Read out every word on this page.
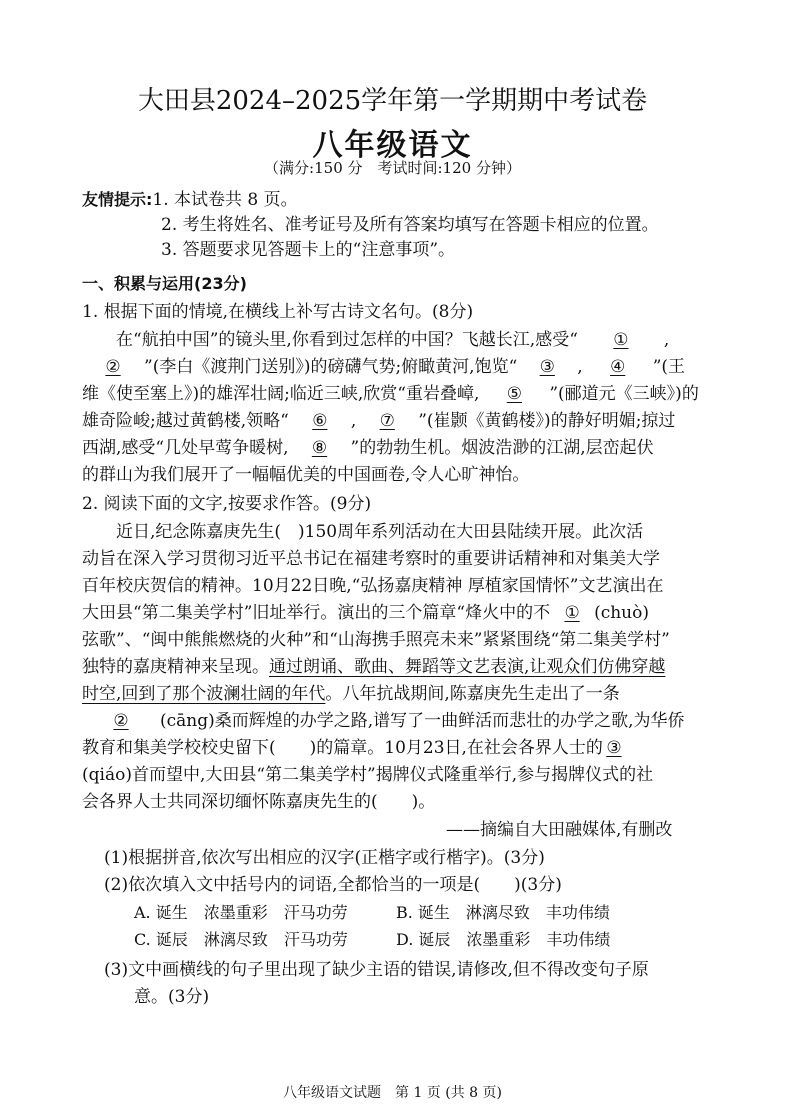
大田县2024–2025学年第一学期期中考试卷
八年级语文
（满分:150 分　考试时间:120 分钟）
友情提示:1. 本试卷共 8 页。
2. 考生将姓名、准考证号及所有答案均填写在答题卡相应的位置。
3. 答题要求见答题卡上的“注意事项”。
一、积累与运用(23分)
1. 根据下面的情境,在横线上补写古诗文名句。(8分)
在“航拍中国”的镜头里,你看到过怎样的中国？飞越长江,感受“ ① ,
② ”(李白《渡荆门送别》)的磅礴气势;俯瞰黄河,饱览“ ③ , ④ ”(王
维《使至塞上》)的雄浑壮阔;临近三峡,欣赏“重岩叠嶂, ⑤ ”(郦道元《三峡》)的
雄奇险峻;越过黄鹤楼,领略“ ⑥ , ⑦ ”(崔颢《黄鹤楼》)的静好明媚;掠过
西湖,感受“几处早莺争暖树, ⑧ ”的勃勃生机。烟波浩渺的江湖,层峦起伏
的群山为我们展开了一幅幅优美的中国画卷,令人心旷神怡。
2. 阅读下面的文字,按要求作答。(9分)
近日,纪念陈嘉庚先生(　)150周年系列活动在大田县陆续开展。此次活
动旨在深入学习贯彻习近平总书记在福建考察时的重要讲话精神和对集美大学
百年校庆贺信的精神。10月22日晚,“弘扬嘉庚精神 厚植家国情怀”文艺演出在
大田县“第二集美学村”旧址举行。演出的三个篇章“烽火中的不 ① (chuò)
弦歌”、“闽中熊熊燃烧的火种”和“山海携手照亮未来”紧紧围绕“第二集美学村”
独特的嘉庚精神来呈现。通过朗诵、歌曲、舞蹈等文艺表演,让观众们仿佛穿越
时空,回到了那个波澜壮阔的年代。八年抗战期间,陈嘉庚先生走出了一条
② (cāng)桑而辉煌的办学之路,谱写了一曲鲜活而悲壮的办学之歌,为华侨
教育和集美学校校史留下(　　)的篇章。10月23日,在社会各界人士的 ③
(qiáo)首而望中,大田县“第二集美学村”揭牌仪式隆重举行,参与揭牌仪式的社
会各界人士共同深切缅怀陈嘉庚先生的(　　)。
——摘编自大田融媒体,有删改
(1)根据拼音,依次写出相应的汉字(正楷字或行楷字)。(3分)
(2)依次填入文中括号内的词语,全都恰当的一项是(　　)(3分)
A. 诞生　浓墨重彩　汗马功劳	B. 诞生　淋漓尽致　丰功伟绩
C. 诞辰　淋漓尽致　汗马功劳	D. 诞辰　浓墨重彩　丰功伟绩
(3)文中画横线的句子里出现了缺少主语的错误,请修改,但不得改变句子原
意。(3分)
八年级语文试题　第 1 页 (共 8 页)
